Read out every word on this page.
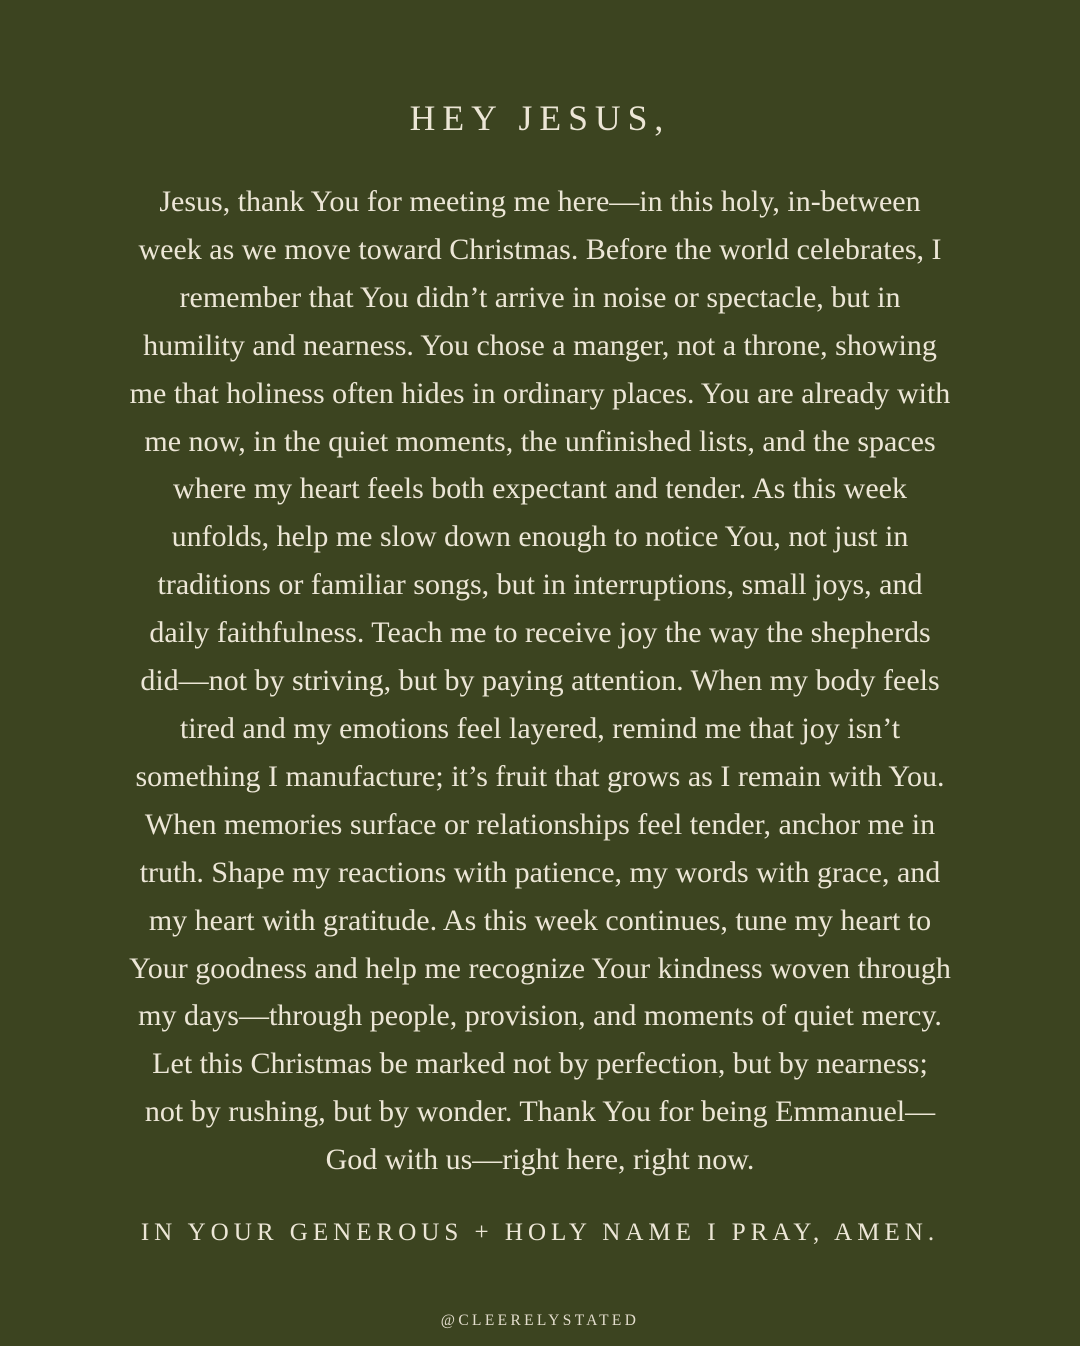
HEY JESUS,
Jesus, thank You for meeting me here—in this holy, in-between
week as we move toward Christmas. Before the world celebrates, I
remember that You didn’t arrive in noise or spectacle, but in
humility and nearness. You chose a manger, not a throne, showing
me that holiness often hides in ordinary places. You are already with
me now, in the quiet moments, the unfinished lists, and the spaces
where my heart feels both expectant and tender. As this week
unfolds, help me slow down enough to notice You, not just in
traditions or familiar songs, but in interruptions, small joys, and
daily faithfulness. Teach me to receive joy the way the shepherds
did—not by striving, but by paying attention. When my body feels
tired and my emotions feel layered, remind me that joy isn’t
something I manufacture; it’s fruit that grows as I remain with You.
When memories surface or relationships feel tender, anchor me in
truth. Shape my reactions with patience, my words with grace, and
my heart with gratitude. As this week continues, tune my heart to
Your goodness and help me recognize Your kindness woven through
my days—through people, provision, and moments of quiet mercy.
Let this Christmas be marked not by perfection, but by nearness;
not by rushing, but by wonder. Thank You for being Emmanuel—
God with us—right here, right now.
IN YOUR GENEROUS + HOLY NAME I PRAY, AMEN.
@CLEERELYSTATED
